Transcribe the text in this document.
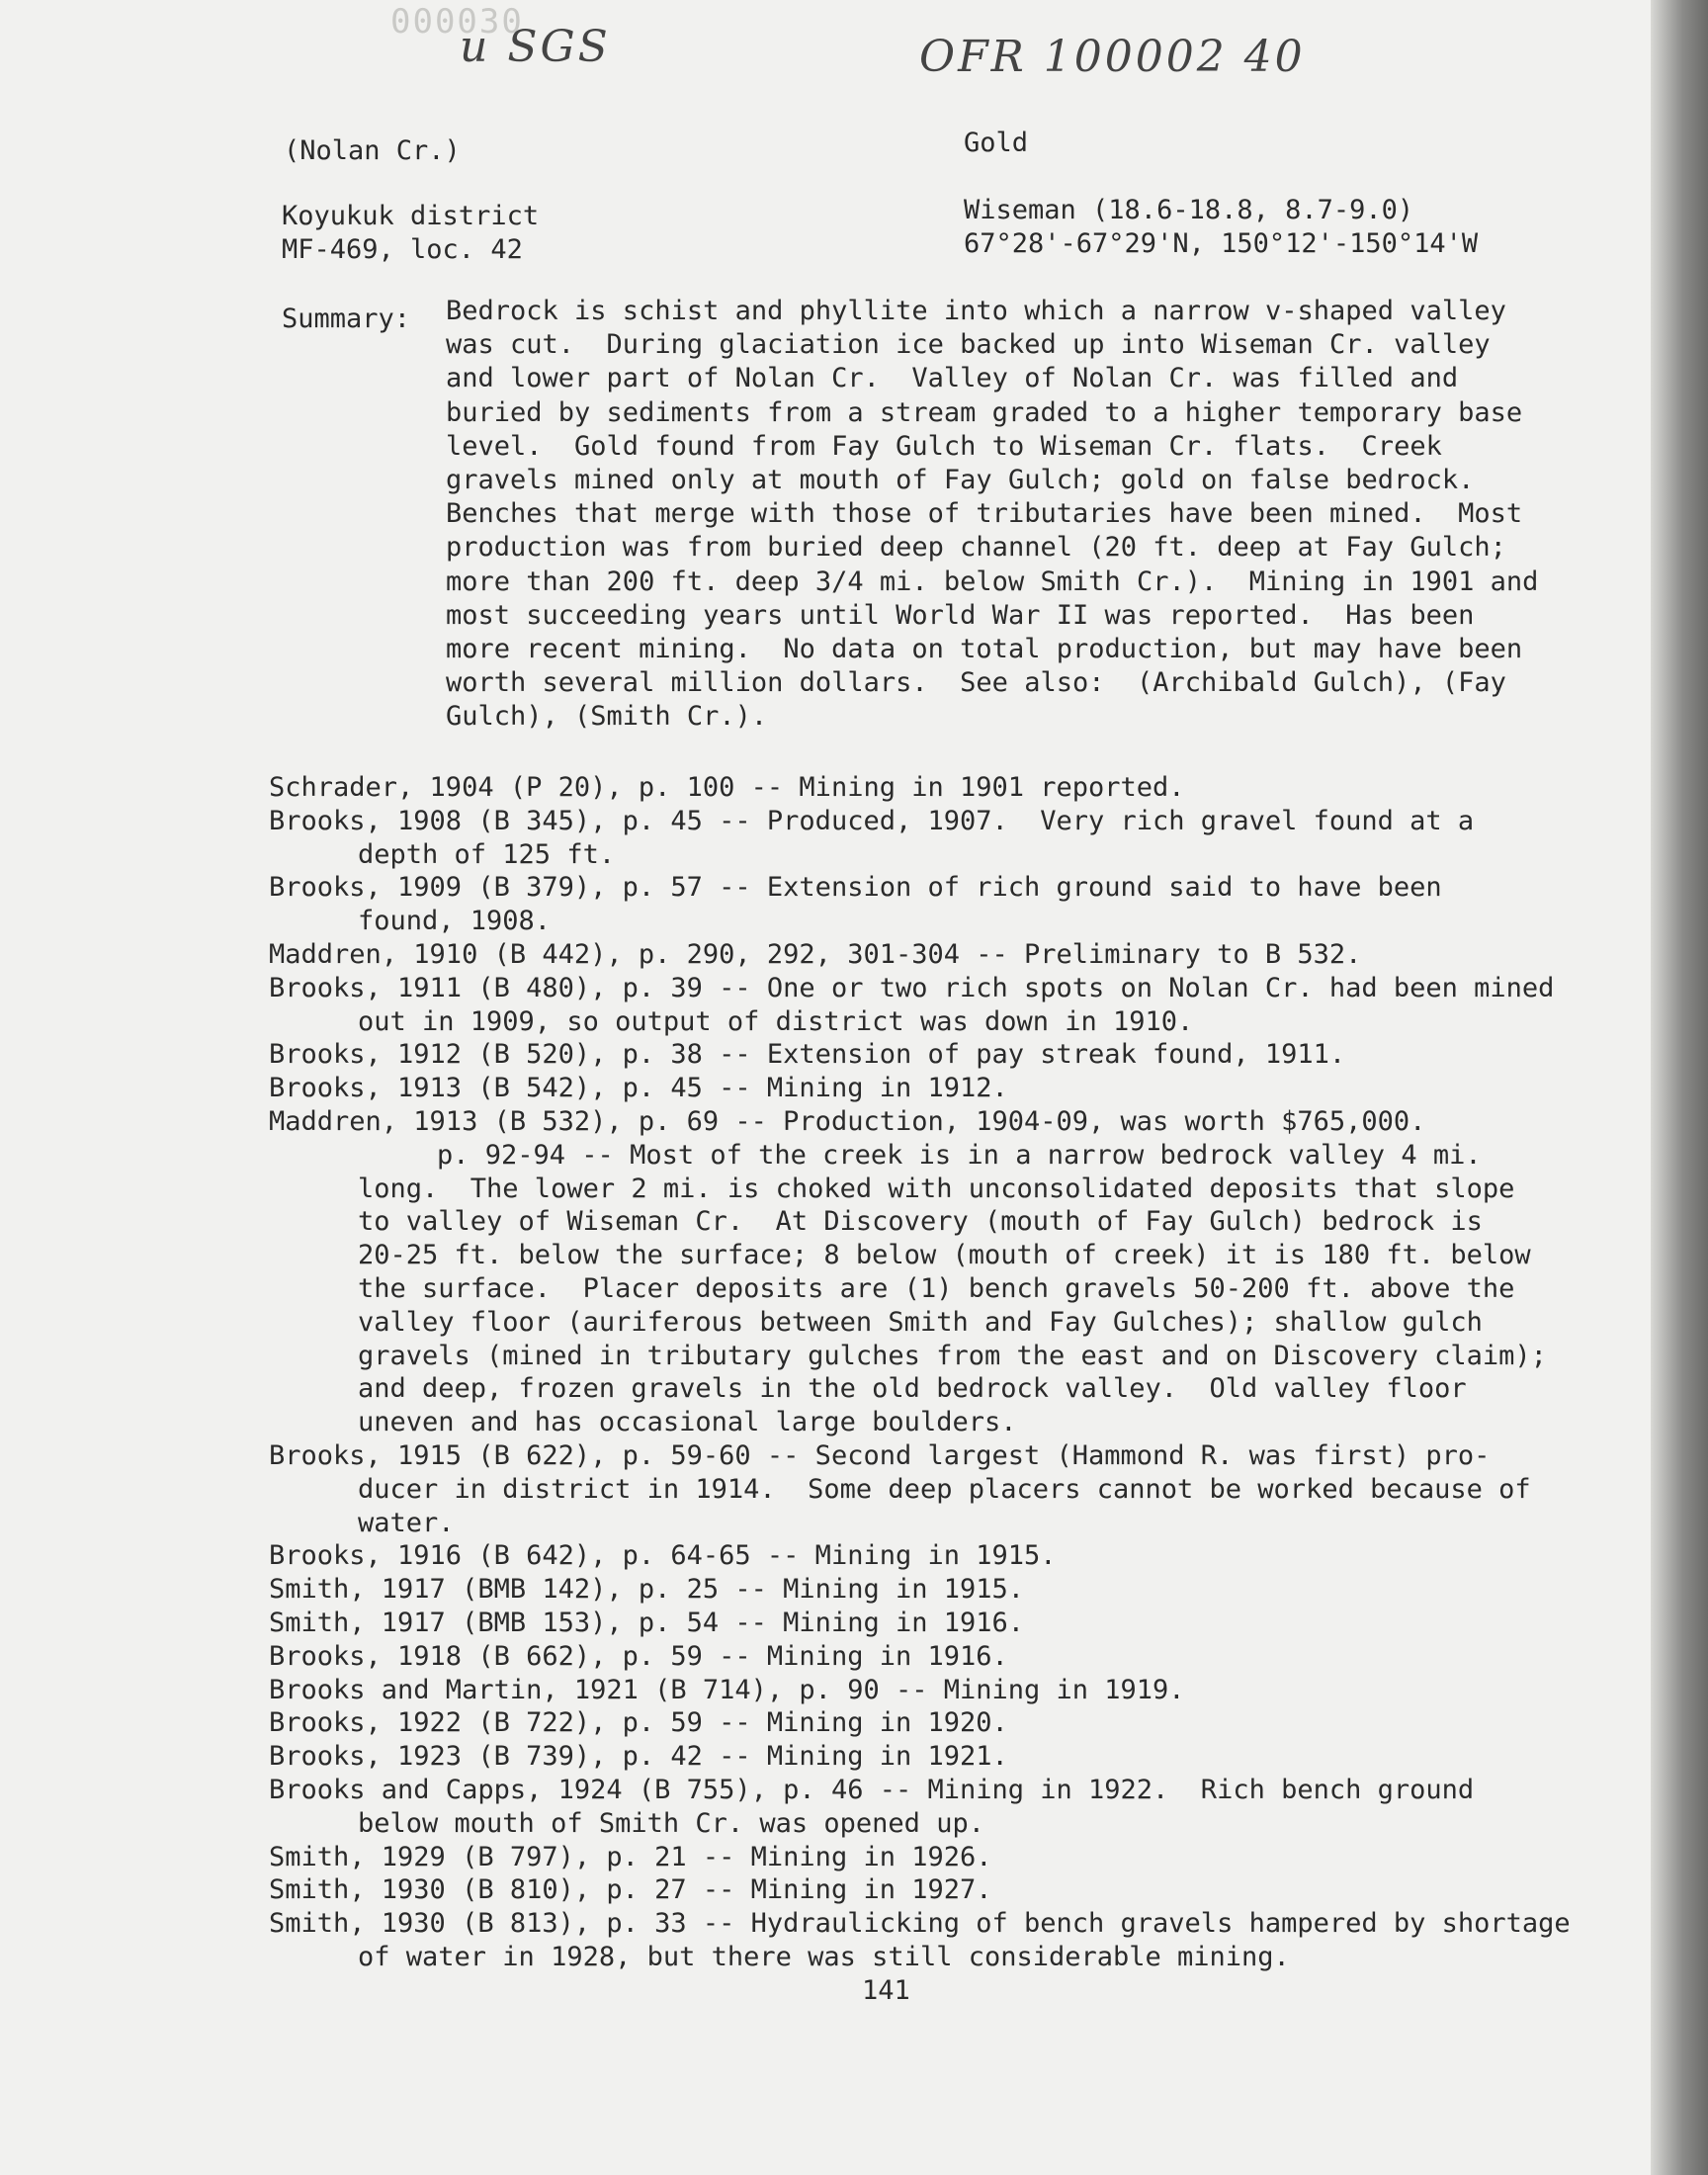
000030
u SGS	OFR 100002 40
(Nolan Cr.)	Gold
Koyukuk district	Wiseman (18.6-18.8, 8.7-9.0)
MF-469, loc. 42	67°28'-67°29'N, 150°12'-150°14'W
Summary: Bedrock is schist and phyllite into which a narrow v-shaped valley
was cut.  During glaciation ice backed up into Wiseman Cr. valley
and lower part of Nolan Cr.  Valley of Nolan Cr. was filled and
buried by sediments from a stream graded to a higher temporary base
level.  Gold found from Fay Gulch to Wiseman Cr. flats.  Creek
gravels mined only at mouth of Fay Gulch; gold on false bedrock.
Benches that merge with those of tributaries have been mined.  Most
production was from buried deep channel (20 ft. deep at Fay Gulch;
more than 200 ft. deep 3/4 mi. below Smith Cr.).  Mining in 1901 and
most succeeding years until World War II was reported.  Has been
more recent mining.  No data on total production, but may have been
worth several million dollars.  See also:  (Archibald Gulch), (Fay
Gulch), (Smith Cr.).
Schrader, 1904 (P 20), p. 100 -- Mining in 1901 reported.
Brooks, 1908 (B 345), p. 45 -- Produced, 1907.  Very rich gravel found at a
depth of 125 ft.
Brooks, 1909 (B 379), p. 57 -- Extension of rich ground said to have been
found, 1908.
Maddren, 1910 (B 442), p. 290, 292, 301-304 -- Preliminary to B 532.
Brooks, 1911 (B 480), p. 39 -- One or two rich spots on Nolan Cr. had been mined
out in 1909, so output of district was down in 1910.
Brooks, 1912 (B 520), p. 38 -- Extension of pay streak found, 1911.
Brooks, 1913 (B 542), p. 45 -- Mining in 1912.
Maddren, 1913 (B 532), p. 69 -- Production, 1904-09, was worth $765,000.
p. 92-94 -- Most of the creek is in a narrow bedrock valley 4 mi.
long.  The lower 2 mi. is choked with unconsolidated deposits that slope
to valley of Wiseman Cr.  At Discovery (mouth of Fay Gulch) bedrock is
20-25 ft. below the surface; 8 below (mouth of creek) it is 180 ft. below
the surface.  Placer deposits are (1) bench gravels 50-200 ft. above the
valley floor (auriferous between Smith and Fay Gulches); shallow gulch
gravels (mined in tributary gulches from the east and on Discovery claim);
and deep, frozen gravels in the old bedrock valley.  Old valley floor
uneven and has occasional large boulders.
Brooks, 1915 (B 622), p. 59-60 -- Second largest (Hammond R. was first) pro-
ducer in district in 1914.  Some deep placers cannot be worked because of
water.
Brooks, 1916 (B 642), p. 64-65 -- Mining in 1915.
Smith, 1917 (BMB 142), p. 25 -- Mining in 1915.
Smith, 1917 (BMB 153), p. 54 -- Mining in 1916.
Brooks, 1918 (B 662), p. 59 -- Mining in 1916.
Brooks and Martin, 1921 (B 714), p. 90 -- Mining in 1919.
Brooks, 1922 (B 722), p. 59 -- Mining in 1920.
Brooks, 1923 (B 739), p. 42 -- Mining in 1921.
Brooks and Capps, 1924 (B 755), p. 46 -- Mining in 1922.  Rich bench ground
below mouth of Smith Cr. was opened up.
Smith, 1929 (B 797), p. 21 -- Mining in 1926.
Smith, 1930 (B 810), p. 27 -- Mining in 1927.
Smith, 1930 (B 813), p. 33 -- Hydraulicking of bench gravels hampered by shortage
of water in 1928, but there was still considerable mining.
141
